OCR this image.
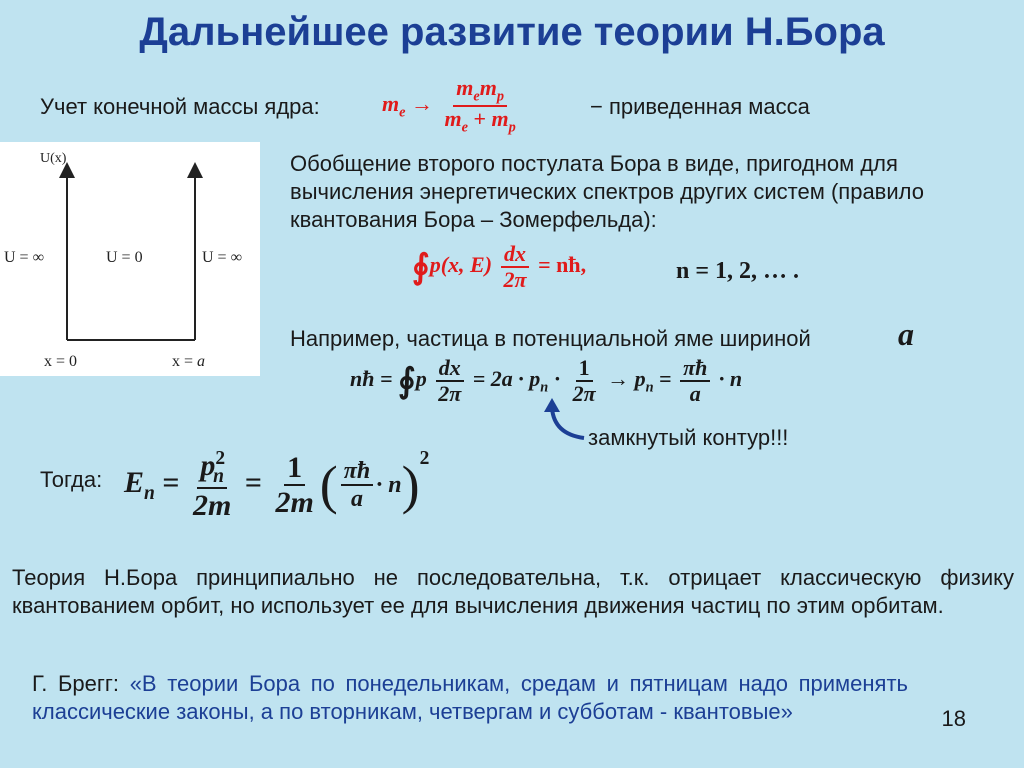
Дальнейшее развитие теории Н.Бора
Учет конечной массы ядра:	$m_e \to \frac{m_em_p}{m_e + m_p}$	− приведенная масса
U(x)
U = ∞	U = 0	U = ∞
x = 0	x = a
Обобщение второго постулата Бора в виде, пригодном для вычисления энергетических спектров других систем (правило квантования Бора – Зомерфельда):
∮p(x, $E) \frac{dx}{2\pi}$ = nħ,	n = 1, 2, … .
Например, частица в потенциальной яме шириной	a
nħ = ∮p $\frac{dx}{2\pi} = 2a \cdot p_n \cdot \frac{1}{2\pi} \to p_n = \frac{\pi ħ}{a} \cdot n$
замкнутый контур!!!
Тогда: $E_n = \frac{p^2_n}{2m} = \frac{1}{2m}$ ( $\frac{\pi ħ}{a} \cdot n)^2$
Теория Н.Бора принципиально не последовательна, т.к. отрицает классическую физику квантованием орбит, но использует ее для вычисления движения частиц по этим орбитам.
Г. Брегг: «В теории Бора по понедельникам, средам и пятницам надо применять классические законы, а по вторникам, четвергам и субботам - квантовые»	18
